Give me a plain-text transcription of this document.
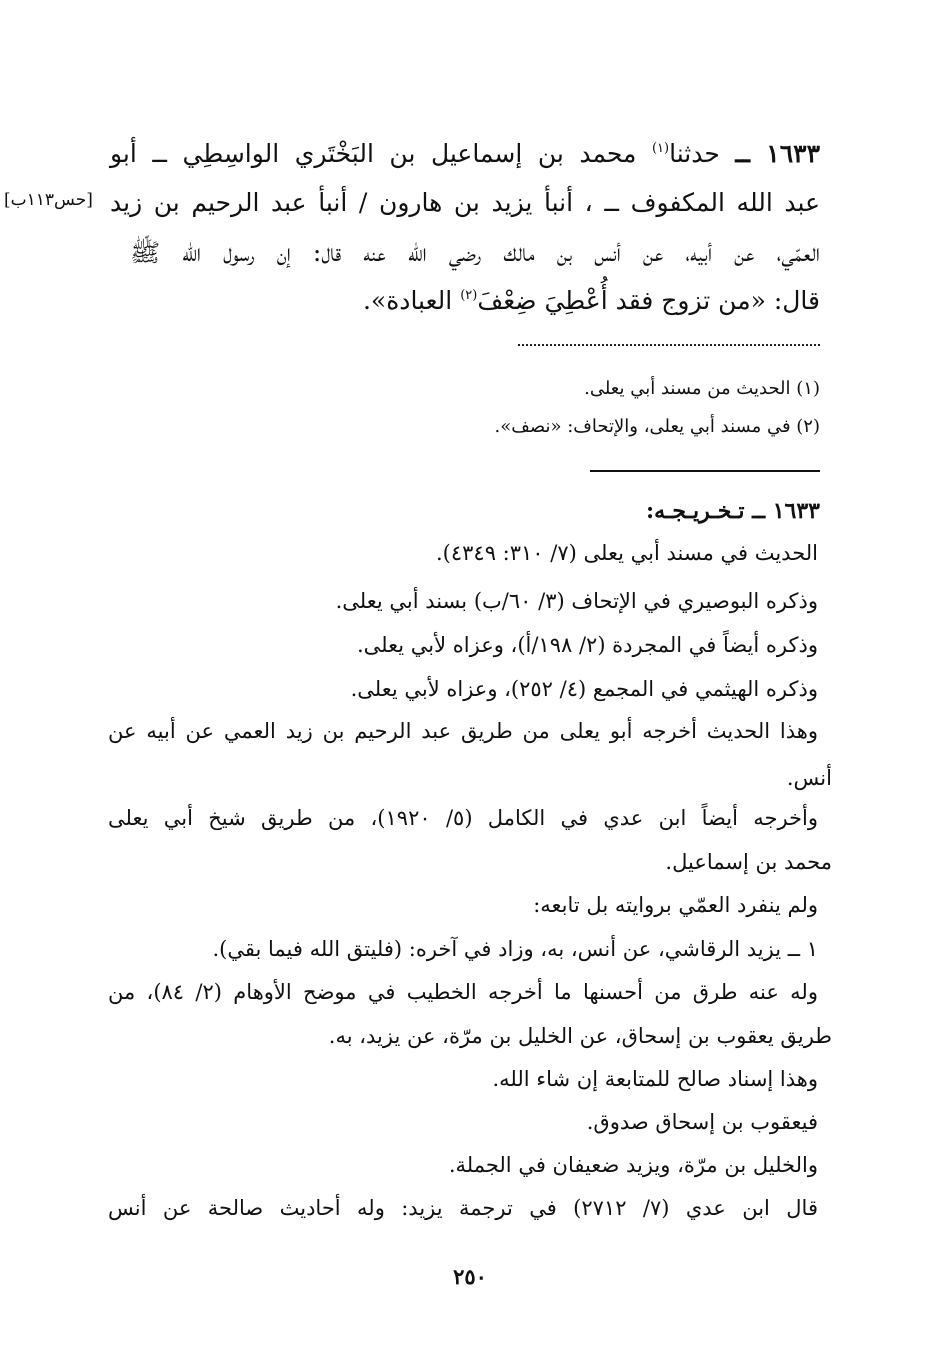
[حس١١٣ب]
١٦٣٣ ــ حدثنا$^{(١)}$ محمد بن إسماعيل بن البَخْتَري الواسِطِي ــ أبو
عبد الله المكفوف ــ ، أنبأ يزيد بن هارون / أنبأ عبد الرحيم بن زيد
العمّي، عن أبيه، عن أنس بن مالك رضي الله عنه قال: إن رسول الله ﷺ
قال: «من تزوج فقد أُعْطِيَ ضِعْفَ$^{(٢)}$ العبادة».
(١) الحديث من مسند أبي يعلى.
(٢) في مسند أبي يعلى، والإتحاف: «نصف».
١٦٣٣ ــ تـخـريـجـه:
الحديث في مسند أبي يعلى (٧/ ٣١٠: ٤٣٤٩).
وذكره البوصيري في الإتحاف (٣/ ٦٠/ب) بسند أبي يعلى.
وذكره أيضاً في المجردة (٢/ ١٩٨/أ)، وعزاه لأبي يعلى.
وذكره الهيثمي في المجمع (٤/ ٢٥٢)، وعزاه لأبي يعلى.
وهذا الحديث أخرجه أبو يعلى من طريق عبد الرحيم بن زيد العمي عن أبيه عن
أنس.
وأخرجه أيضاً ابن عدي في الكامل (٥/ ١٩٢٠)، من طريق شيخ أبي يعلى
محمد بن إسماعيل.
ولم ينفرد العمّي بروايته بل تابعه:
١ ــ يزيد الرقاشي، عن أنس، به، وزاد في آخره: (فليتق الله فيما بقي).
وله عنه طرق من أحسنها ما أخرجه الخطيب في موضح الأوهام (٢/ ٨٤)، من
طريق يعقوب بن إسحاق، عن الخليل بن مرّة، عن يزيد، به.
وهذا إسناد صالح للمتابعة إن شاء الله.
فيعقوب بن إسحاق صدوق.
والخليل بن مرّة، ويزيد ضعيفان في الجملة.
قال ابن عدي (٧/ ٢٧١٢) في ترجمة يزيد: وله أحاديث صالحة عن أنس
٢٥٠
